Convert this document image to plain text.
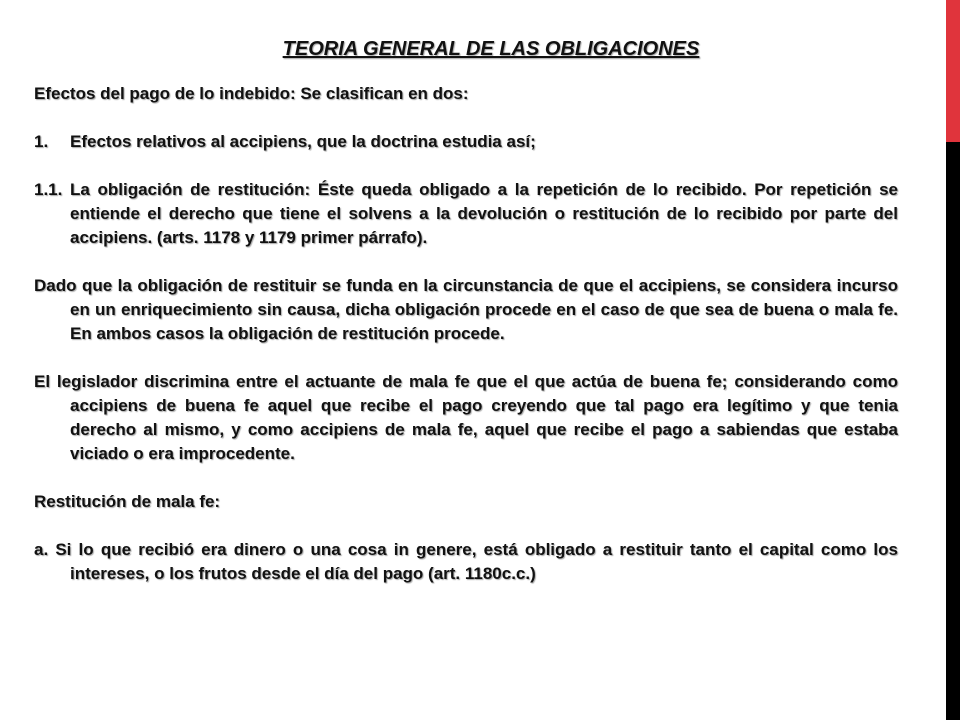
TEORIA GENERAL DE LAS OBLIGACIONES

Efectos del pago de lo indebido: Se clasifican en dos:

1.	Efectos relativos al accipiens, que la doctrina estudia así;

1.1. La obligación de restitución: Éste queda obligado a la repetición de lo recibido. Por repetición se entiende el derecho que tiene el solvens a la devolución o restitución de lo recibido por parte del accipiens. (arts. 1178 y 1179 primer párrafo).

Dado que la obligación de restituir se funda en la circunstancia de que el accipiens, se considera incurso en un enriquecimiento sin causa, dicha obligación procede en el caso de que sea de buena o mala fe. En ambos casos la obligación de restitución procede.

El legislador discrimina entre el actuante de mala fe que el que actúa de buena fe; considerando como accipiens de buena fe aquel que recibe el pago creyendo que tal pago era legítimo y que tenia derecho al mismo, y como accipiens de mala fe, aquel que recibe el pago a sabiendas que estaba viciado o era improcedente.

Restitución de mala fe:

a. Si lo que recibió era dinero o una cosa in genere, está obligado a restituir tanto el capital como los intereses, o los frutos desde el día del pago (art. 1180c.c.)
